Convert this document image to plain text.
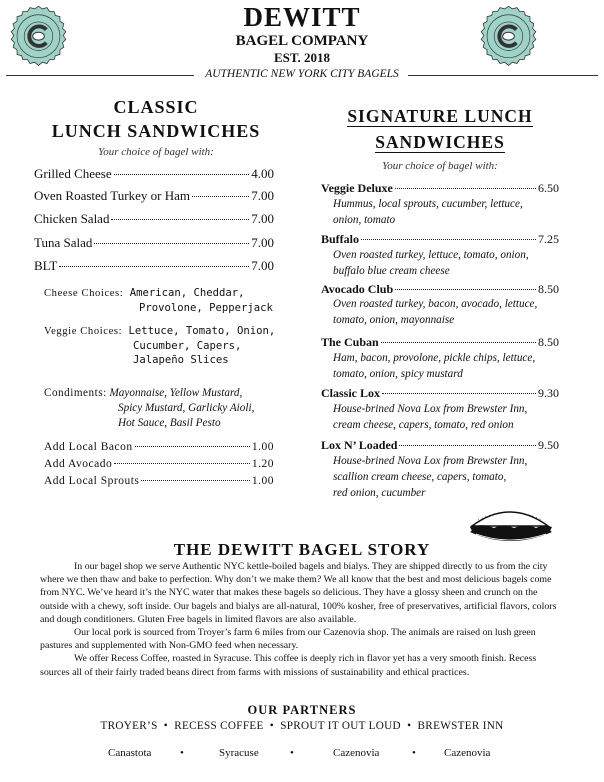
DEWITT
BAGEL COMPANY
EST. 2018
AUTHENTIC NEW YORK CITY BAGELS
CLASSIC
LUNCH SANDWICHES
Your choice of bagel with:
Grilled Cheese	4.00
Oven Roasted Turkey or Ham	7.00
Chicken Salad	7.00
Tuna Salad	7.00
BLT	7.00
Cheese Choices: American, Cheddar,
Provolone, Pepperjack
Veggie Choices: Lettuce, Tomato, Onion,
Cucumber, Capers,
Jalapeño Slices
Condiments: Mayonnaise, Yellow Mustard,
Spicy Mustard, Garlicky Aioli,
Hot Sauce, Basil Pesto
Add Local Bacon	1.00
Add Avocado	1.20
Add Local Sprouts	1.00
SIGNATURE LUNCH
SANDWICHES
Your choice of bagel with:
Veggie Deluxe	6.50
Hummus, local sprouts, cucumber, lettuce,
onion, tomato
Buffalo	7.25
Oven roasted turkey, lettuce, tomato, onion,
buffalo blue cream cheese
Avocado Club	8.50
Oven roasted turkey, bacon, avocado, lettuce,
tomato, onion, mayonnaise
The Cuban	8.50
Ham, bacon, provolone, pickle chips, lettuce,
tomato, onion, spicy mustard
Classic Lox	9.30
House-brined Nova Lox from Brewster Inn,
cream cheese, capers, tomato, red onion
Lox N’ Loaded	9.50
House-brined Nova Lox from Brewster Inn,
scallion cream cheese, capers, tomato,
red onion, cucumber
THE DEWITT BAGEL STORY

In our bagel shop we serve Authentic NYC kettle-boiled bagels and bialys. They are shipped directly to us from the city where we then thaw and bake to perfection. Why don’t we make them? We all know that the best and most delicious bagels come from NYC. We’ve heard it’s the NYC water that makes these bagels so delicious. They have a glossy sheen and crunch on the outside with a chewy, soft inside. Our bagels and bialys are all-natural, 100% kosher, free of preservatives, artificial flavors, colors and dough conditioners. Gluten Free bagels in limited flavors are also available.

Our local pork is sourced from Troyer’s farm 6 miles from our Cazenovia shop. The animals are raised on lush green pastures and supplemented with Non-GMO feed when necessary.

We offer Recess Coffee, roasted in Syracuse. This coffee is deeply rich in flavor yet has a very smooth finish. Recess sources all of their fairly traded beans direct from farms with missions of sustainability and ethical practices.

OUR PARTNERS
TROYER’S  •  RECESS COFFEE  •  SPROUT IT OUT LOUD  •  BREWSTER INN
Canastota	•	Syracuse	•	Cazenovia	•	Cazenovia
